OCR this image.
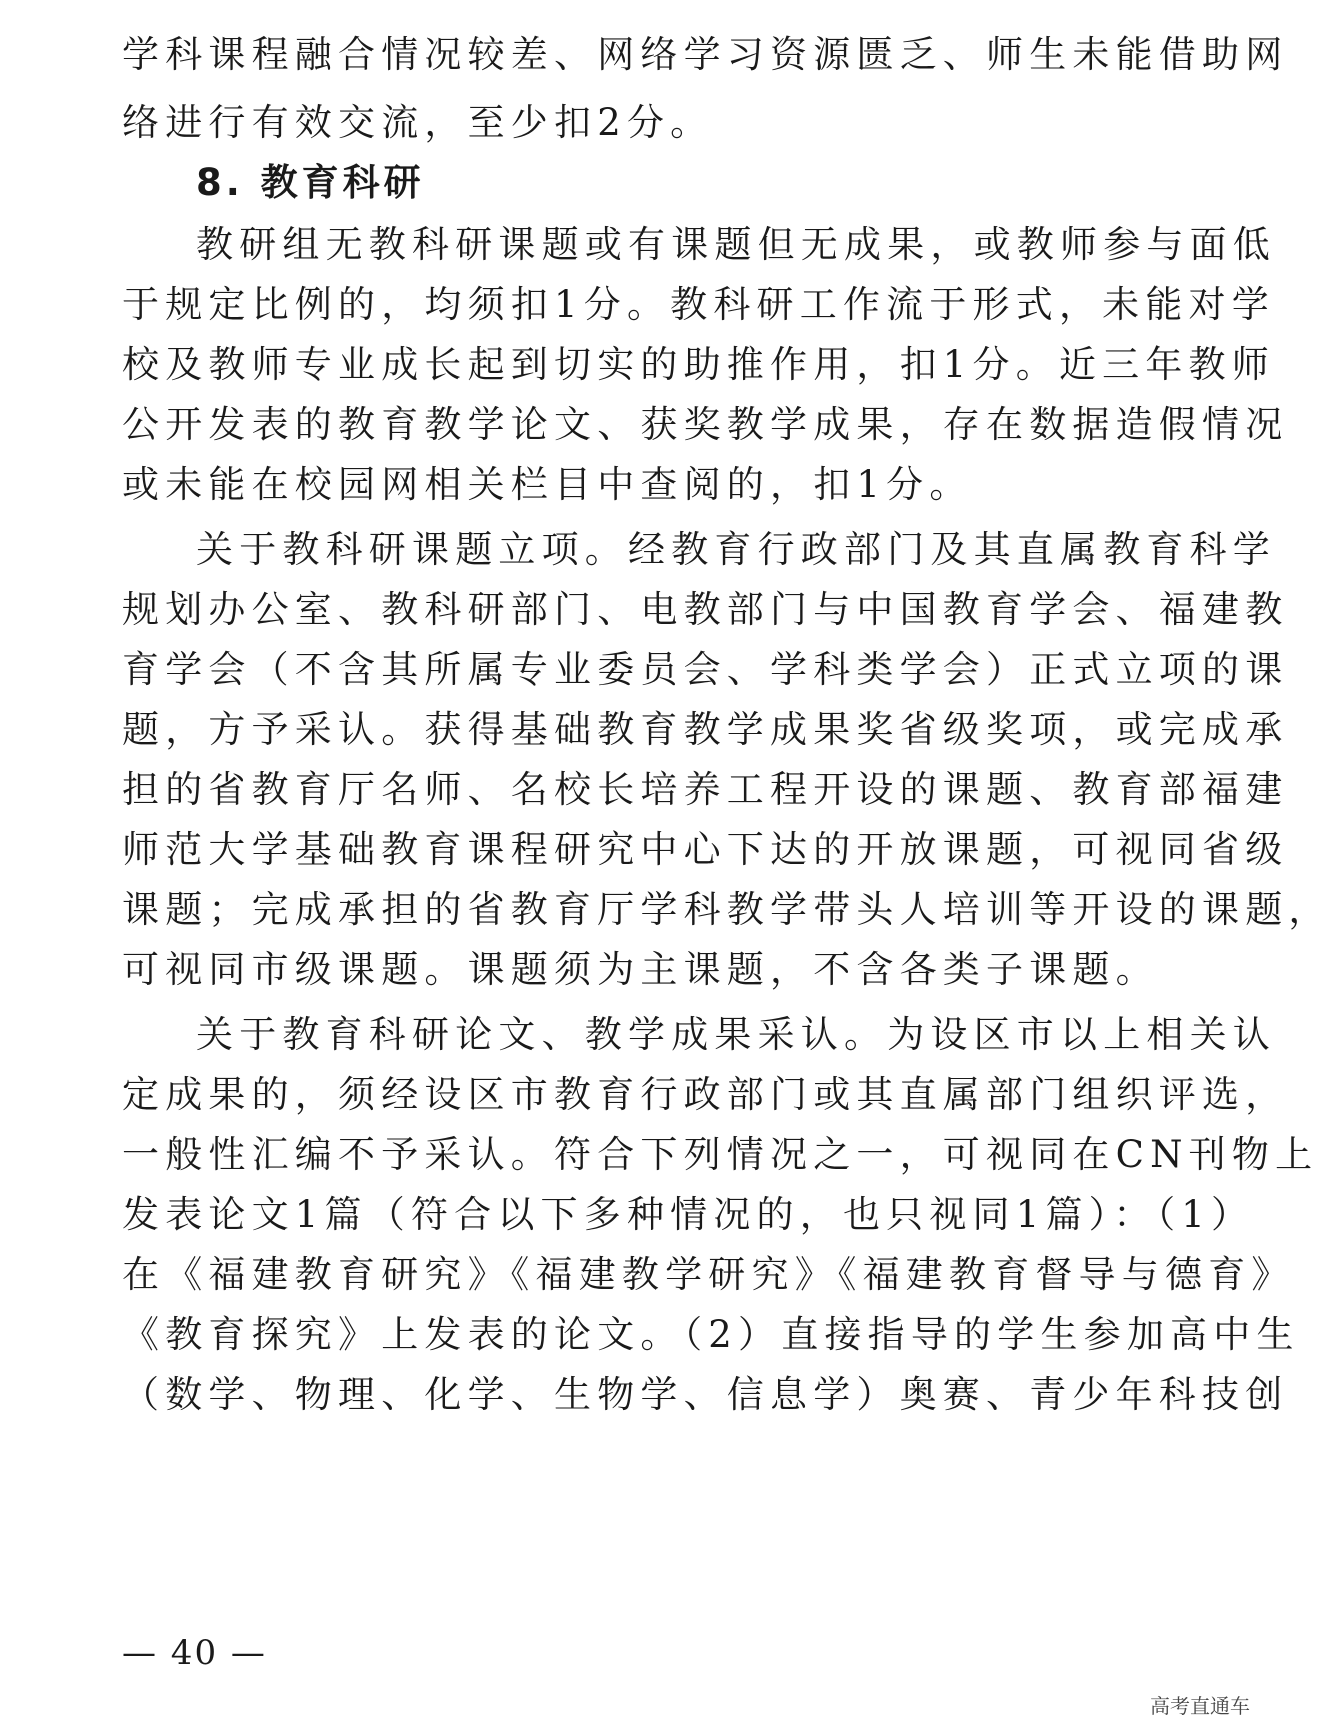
学科课程融合情况较差、网络学习资源匮乏、师生未能借助网
络进行有效交流，至少扣2分。
8. 教育科研
教研组无教科研课题或有课题但无成果，或教师参与面低
于规定比例的，均须扣1分。教科研工作流于形式，未能对学
校及教师专业成长起到切实的助推作用，扣1分。近三年教师
公开发表的教育教学论文、获奖教学成果，存在数据造假情况
或未能在校园网相关栏目中查阅的，扣1分。
关于教科研课题立项。经教育行政部门及其直属教育科学
规划办公室、教科研部门、电教部门与中国教育学会、福建教
育学会（不含其所属专业委员会、学科类学会）正式立项的课
题，方予采认。获得基础教育教学成果奖省级奖项，或完成承
担的省教育厅名师、名校长培养工程开设的课题、教育部福建
师范大学基础教育课程研究中心下达的开放课题，可视同省级
课题；完成承担的省教育厅学科教学带头人培训等开设的课题，
可视同市级课题。课题须为主课题，不含各类子课题。
关于教育科研论文、教学成果采认。为设区市以上相关认
定成果的，须经设区市教育行政部门或其直属部门组织评选，
一般性汇编不予采认。符合下列情况之一，可视同在CN刊物上
发表论文1篇（符合以下多种情况的，也只视同1篇）：（1）
在《福建教育研究》《福建教学研究》《福建教育督导与德育》
《教育探究》上发表的论文。（2）直接指导的学生参加高中生
（数学、物理、化学、生物学、信息学）奥赛、青少年科技创
— 40 —
高考直通车
